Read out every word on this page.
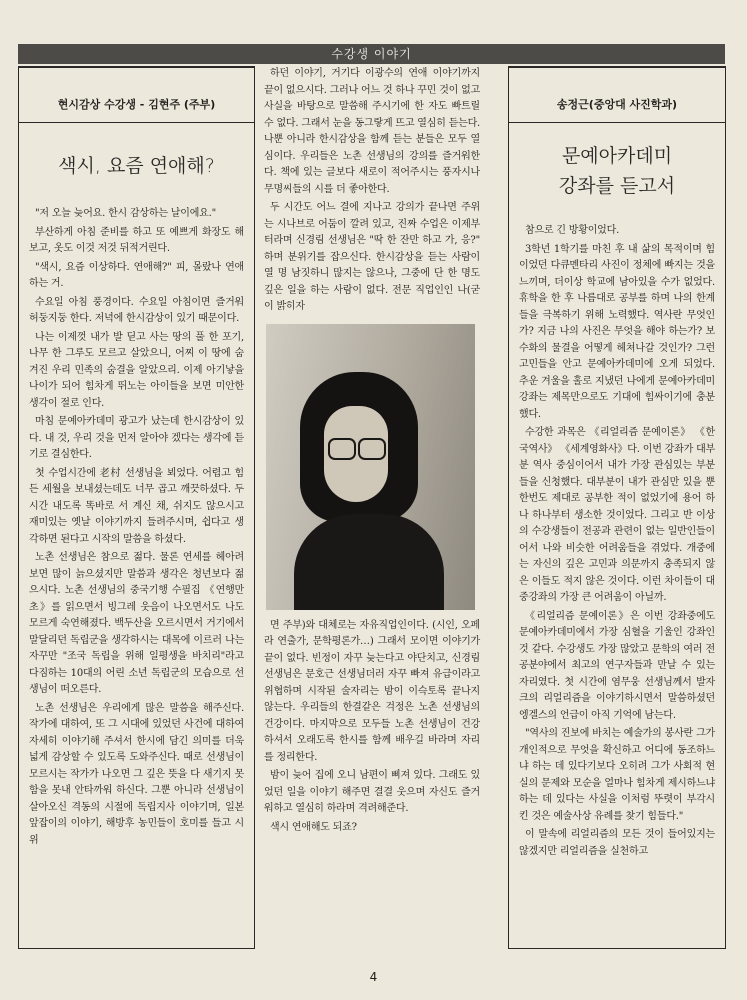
수강생 이야기
현시감상 수강생 - 김현주 (주부)
색시, 요즘 연애해?

"저 오늘 늦어요. 한시 감상하는 날이에요."

부산하게 아침 준비를 하고 또 예쁘게 화장도 해보고, 옷도 이것 저것 뒤적거린다.

"색시, 요즘 이상하다. 연애해?" 피, 몰랐나 연애하는 거.

수요일 아침 풍경이다. 수요일 아침이면 즐거워 허둥지둥 한다. 저녁에 한시감상이 있기 때문이다.

나는 이제껏 내가 발 딛고 사는 땅의 풀 한 포기, 나무 한 그루도 모르고 살았으니, 어찌 이 땅에 숨겨진 우리 민족의 숨결을 알았으리. 이제 아기낳을 나이가 되어 힘차게 뛰노는 아이들을 보면 미안한 생각이 절로 인다.

마침 문예아카데미 광고가 났는데 한시감상이 있다. 내 것, 우리 것을 먼저 알아야 겠다는 생각에 듣기로 결심한다.

첫 수업시간에 老村 선생님을 뵈었다. 어렵고 힘든 세월을 보내셨는데도 너무 곱고 깨끗하셨다. 두 시간 내도록 똑바로 서 계신 채, 쉬지도 않으시고 재미있는 옛날 이야기까지 들려주시며, 쉽다고 생각하면 된다고 시작의 말씀을 하셨다.

노촌 선생님은 참으로 젊다. 물론 연세를 헤아려보면 많이 늙으셨지만 말씀과 생각은 청년보다 젊으시다. 노촌 선생님의 중국기행 수필집 《연행만초》를 읽으면서 빙그레 웃음이 나오면서도 나도 모르게 숙연해졌다. 백두산을 오르시면서 거기에서 말달리던 독립군을 생각하시는 대목에 이르러 나는 자꾸만 "조국 독립을 위해 일평생을 바치리"라고 다짐하는 10대의 어린 소년 독립군의 모습으로 선생님이 떠오른다.

노촌 선생님은 우리에게 많은 말씀을 해주신다. 작가에 대하여, 또 그 시대에 있었던 사건에 대하여 자세히 이야기해 주셔서 한시에 담긴 의미를 더욱 넓게 감상할 수 있도록 도와주신다. 때로 선생님이 모르시는 작가가 나오면 그 깊은 뜻을 다 새기지 못함을 못내 안타까워 하신다. 그뿐 아니라 선생님이 살아오신 격동의 시절에 독립지사 이야기며, 일본 앞잡이의 이야기, 해방후 농민들이 호미를 들고 시위

하던 이야기, 거기다 이광수의 연애 이야기까지 끝이 없으시다. 그러나 어느 것 하나 꾸민 것이 없고 사실을 바탕으로 말씀해 주시기에 한 자도 빠트릴 수 없다. 그래서 눈을 동그랗게 뜨고 열심히 듣는다. 나뿐 아니라 한시감상을 함께 듣는 분들은 모두 열심이다. 우리들은 노촌 선생님의 강의를 즐거워한다. 책에 있는 글보다 새로이 적어주시는 풍자시나 무명씨들의 시를 더 좋아한다.

두 시간도 어느 결에 지나고 강의가 끝나면 주위는 시나브로 어둠이 깔려 있고, 진짜 수업은 이제부터라며 신경림 선생님은 "딱 한 잔만 하고 가, 응?" 하며 분위기를 잡으신다. 한시감상을 듣는 사람이 열 명 남짓하니 많지는 않으나, 그중에 단 한 명도 깊은 일을 하는 사람이 없다. 전문 직업인인 나(굳이 밝히자

면 주부)와 대체로는 자유직업인이다. (시인, 오페라 연출가, 문학평론가…) 그래서 모이면 이야기가 끝이 없다. 빈정이 자꾸 늦는다고 야단치고, 신경림 선생님은 문호근 선생님더러 자꾸 빠져 유급이라고 위협하며 시작된 술자리는 밤이 이슥토록 끝나지 않는다. 우리들의 한결같은 걱정은 노촌 선생님의 건강이다. 마지막으로 모두들 노촌 선생님이 건강하셔서 오래도록 한시를 함께 배우길 바라며 자리를 정리한다.

밤이 늦어 집에 오니 남편이 삐져 있다. 그래도 있었던 일을 이야기 해주면 결결 웃으며 자신도 즐거워하고 열심히 하라며 격려해준다.

색시 연애해도 되죠?

송정근(중앙대 사진학과)
문예아카데미
강좌를 듣고서

참으로 긴 방황이었다.

3학년 1학기를 마친 후 내 삶의 목적이며 힘이었던 다큐멘타리 사진이 정체에 빠지는 것을 느끼며, 더이상 학교에 남아있을 수가 없었다. 휴학을 한 후 나름대로 공부를 하며 나의 한계들을 극복하기 위해 노력했다. 역사란 무엇인가? 지금 나의 사진은 무엇을 해야 하는가? 보수화의 물결을 어떻게 헤쳐나갈 것인가? 그런 고민들을 안고 문예아카데미에 오게 되었다. 추운 겨울을 홀로 지냈던 나에게 문예아카데미 강좌는 제목만으로도 기대에 힘싸이기에 충분했다.

수강한 과목은 《리얼리즘 문예이론》 《한국역사》 《세계영화사》다. 이번 강좌가 대부분 역사 중심이어서 내가 가장 관심있는 부분들을 신청했다. 대부분이 내가 관심만 있을 뿐 한번도 제대로 공부한 적이 없었기에 용어 하나 하나부터 생소한 것이었다. 그리고 반 이상의 수강생들이 전공과 관련이 없는 일반인들이어서 나와 비슷한 어려움들을 겪었다. 개중에는 자신의 깊은 고민과 의문까지 충족되지 않은 이들도 적지 않은 것이다. 이런 차이들이 대중강좌의 가장 큰 어려움이 아닐까.

《리얼리즘 문예이론》은 이번 강좌중에도 문예아카데미에서 가장 심혈을 기울인 강좌인 것 같다. 수강생도 가장 많았고 문학의 여러 전공분야에서 최고의 연구자들과 만날 수 있는 자리였다. 첫 시간에 염무웅 선생님께서 발자크의 리얼리즘을 이야기하시면서 말씀하셨던 엥겔스의 언급이 아직 기억에 남는다.

"역사의 진보에 바치는 예술가의 봉사란 그가 개인적으로 무엇을 확신하고 어디에 동조하느냐 하는 데 있다기보다 오히려 그가 사회적 현실의 문제와 모순을 얼마나 힘차게 제시하느냐 하는 데 있다는 사실을 이처럼 뚜렷이 부각시킨 것은 예술사상 유례를 찾기 힘들다."

이 말속에 리얼리즘의 모든 것이 들어있지는 않겠지만 리얼리즘을 실천하고

4
